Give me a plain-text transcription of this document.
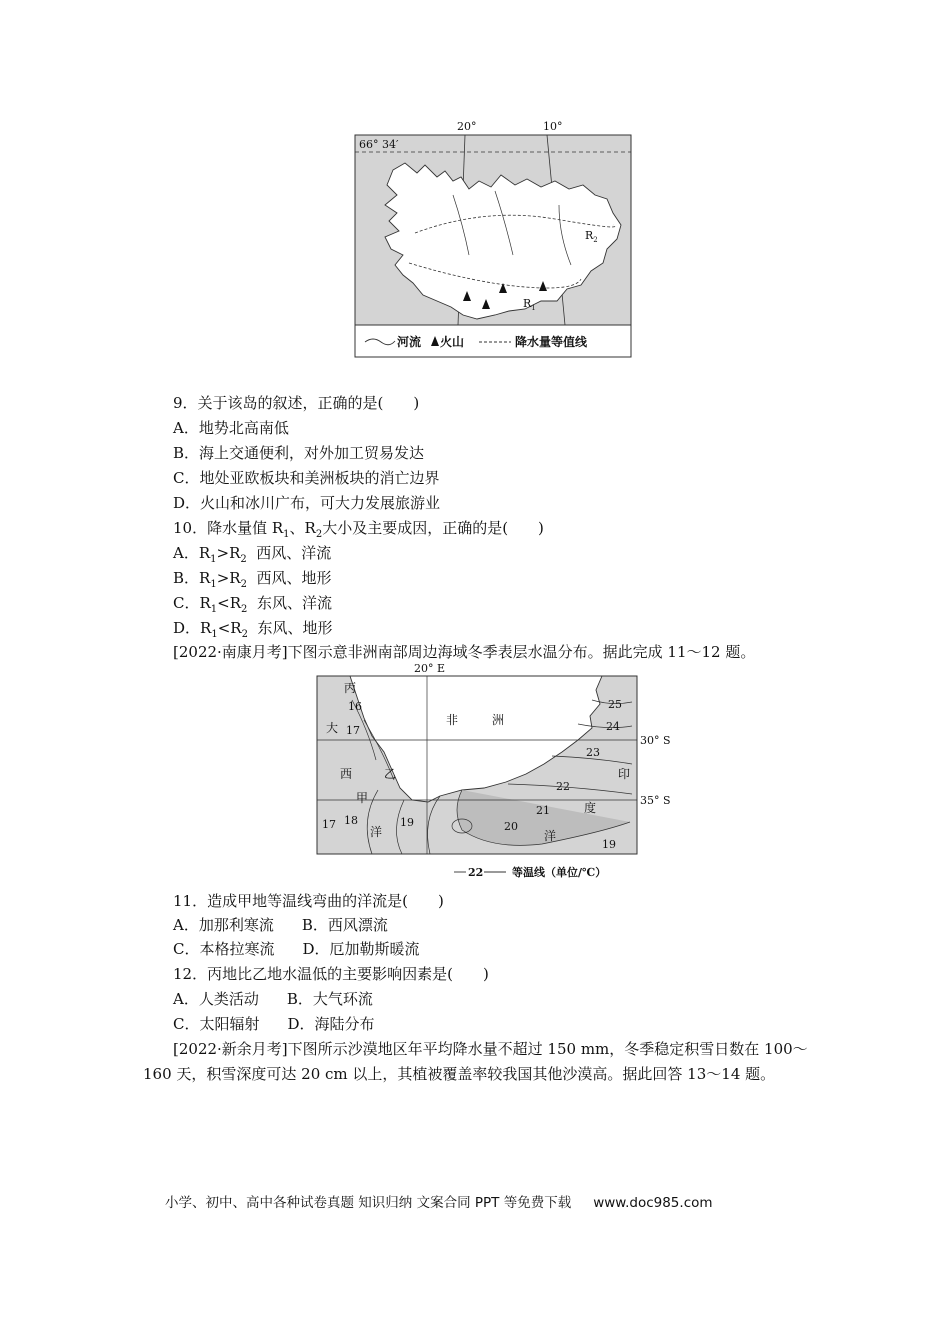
66° 34′
20°	10°
$R_1$
$R_2$
河流 火山	降水量等值线
9．关于该岛的叙述，正确的是(　　)
A．地势北高南低
B．海上交通便利，对外加工贸易发达
C．地处亚欧板块和美洲板块的消亡边界
D．火山和冰川广布，可大力发展旅游业
10．降水量值 $R_1$、$R_2$大小及主要成因，正确的是(　　)
A．$R_1>R_2$  西风、洋流
B．$R_1>R_2$  西风、地形
C．$R_1<R_2$  东风、洋流
D．$R_1<R_2$  东风、地形
[2022·南康月考]下图示意非洲南部周边海域冬季表层水温分布。据此完成 11～12 题。
20° E
30° S
35° S
丙
大
西
甲
洋
乙
非	洲
印
度
洋
16
17
18
17	19
25
24
23
22
21
20
19
22	等温线（单位/℃）
11．造成甲地等温线弯曲的洋流是(　　)
A．加那利寒流 B．西风漂流
C．本格拉寒流 D．厄加勒斯暖流
12．丙地比乙地水温低的主要影响因素是(　　)
A．人类活动 B．大气环流
C．太阳辐射 D．海陆分布
[2022·新余月考]下图所示沙漠地区年平均降水量不超过 150 mm，冬季稳定积雪日数在 100～160 天，积雪深度可达 20 cm 以上，其植被覆盖率较我国其他沙漠高。据此回答 13～14 题。
小学、初中、高中各种试卷真题 知识归纳 文案合同 PPT 等免费下载 www.doc985.com
